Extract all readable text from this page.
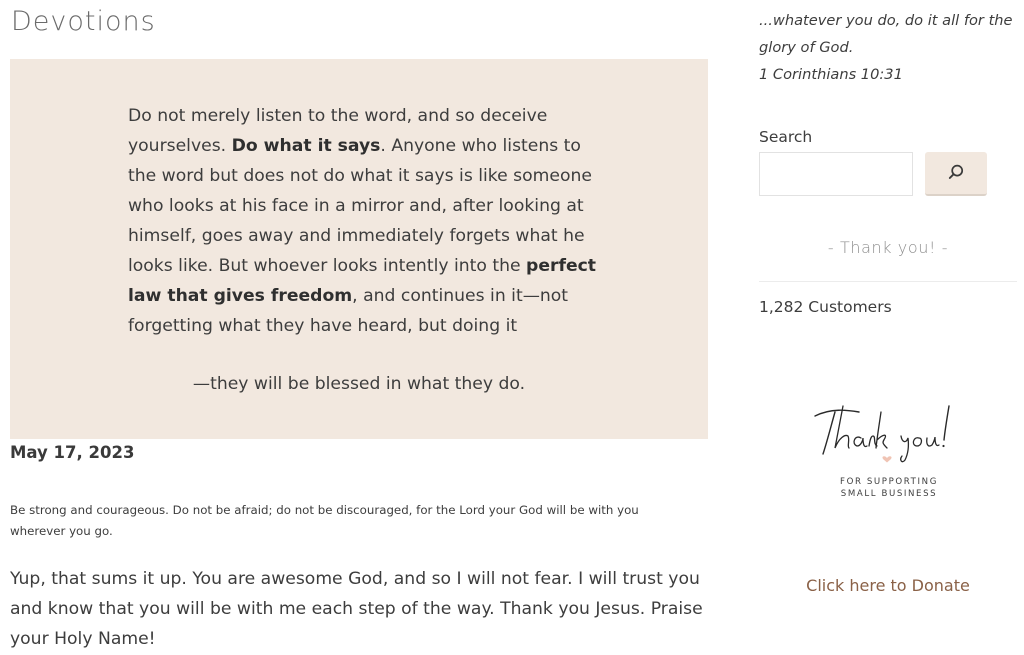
Devotions

Do not merely listen to the word, and so deceive yourselves. Do what it says. Anyone who listens to the word but does not do what it says is like someone who looks at his face in a mirror and, after looking at himself, goes away and immediately forgets what he looks like. But whoever looks intently into the perfect law that gives freedom, and continues in it—not forgetting what they have heard, but doing it

—they will be blessed in what they do.
May 17, 2023
Be strong and courageous. Do not be afraid; do not be discouraged, for the Lord your God will be with you wherever you go.
Yup, that sums it up. You are awesome God, and so I will not fear. I will trust you and know that you will be with me each step of the way. Thank you Jesus. Praise your Holy Name!
...whatever you do, do it all for the
glory of God.
1 Corinthians 10:31
Search
- Thank you! -
1,282 Customers
FOR SUPPORTING
SMALL BUSINESS
Click here to Donate
